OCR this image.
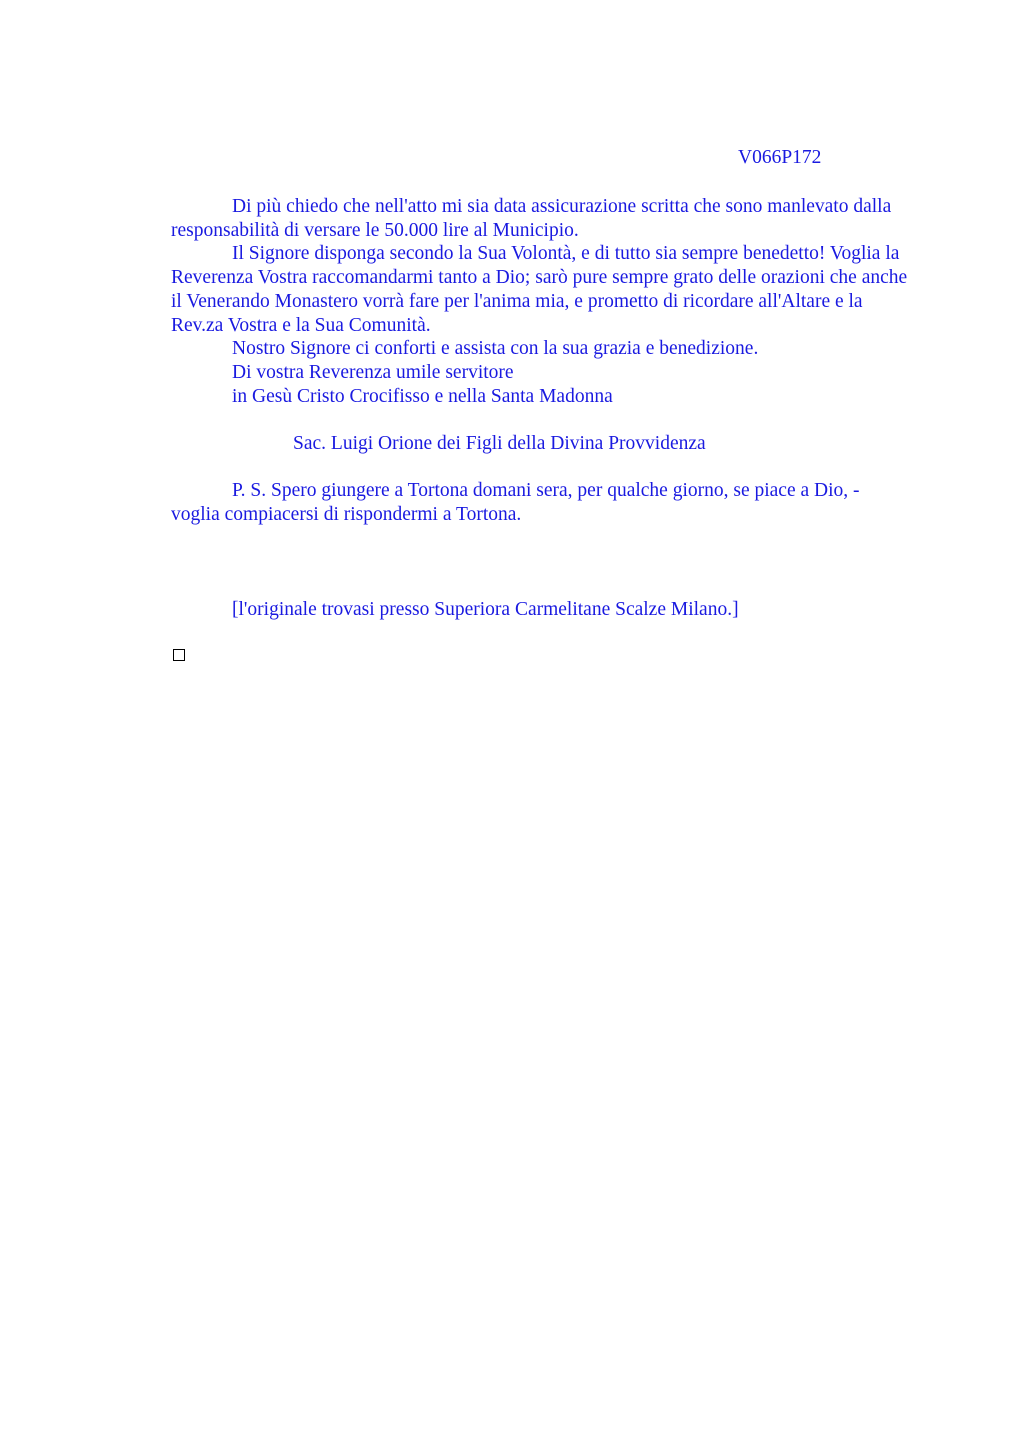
V066P172

Di più chiedo che nell'atto mi sia data assicurazione scritta che sono manlevato dalla responsabilità di versare le 50.000 lire al Municipio.

Il Signore disponga secondo la Sua Volontà, e di tutto sia sempre benedetto! Voglia la Reverenza Vostra raccomandarmi tanto a Dio; sarò pure sempre grato delle orazioni che anche il Venerando Monastero vorrà fare per l'anima mia, e prometto di ricordare all'Altare e la Rev.za Vostra e la Sua Comunità.

Nostro Signore ci conforti e assista con la sua grazia e benedizione.

Di vostra Reverenza umile servitore

in Gesù Cristo Crocifisso e nella Santa Madonna

Sac. Luigi Orione dei Figli della Divina Provvidenza

P. S. Spero giungere a Tortona domani sera, per qualche giorno, se piace a Dio, - voglia compiacersi di rispondermi a Tortona.

[l'originale trovasi presso Superiora Carmelitane Scalze Milano.]
